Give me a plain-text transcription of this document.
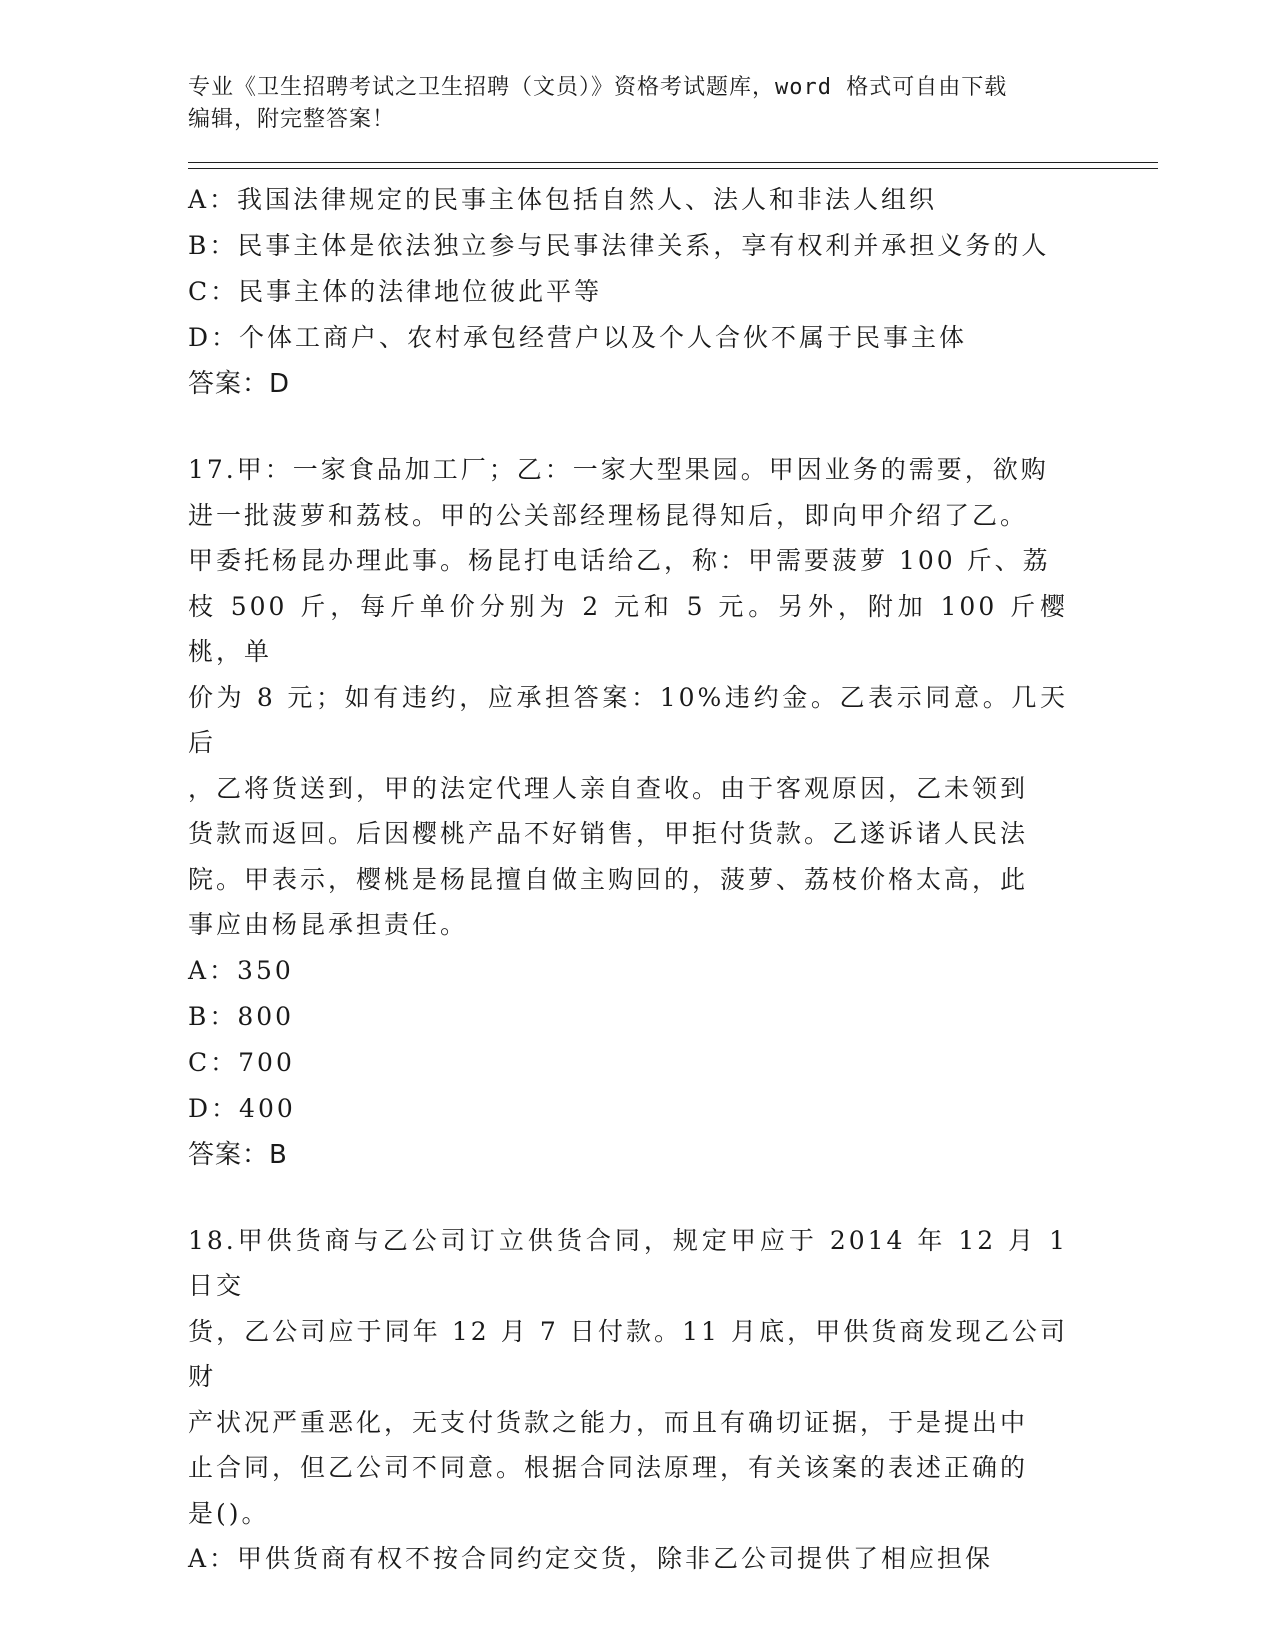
专业《卫生招聘考试之卫生招聘（文员）》资格考试题库，word 格式可自由下载
编辑，附完整答案！
A：我国法律规定的民事主体包括自然人、法人和非法人组织
B：民事主体是依法独立参与民事法律关系，享有权利并承担义务的人
C：民事主体的法律地位彼此平等
D：个体工商户、农村承包经营户以及个人合伙不属于民事主体
答案：D
17.甲：一家食品加工厂；乙：一家大型果园。甲因业务的需要，欲购
进一批菠萝和荔枝。甲的公关部经理杨昆得知后，即向甲介绍了乙。
甲委托杨昆办理此事。杨昆打电话给乙，称：甲需要菠萝 100 斤、荔
枝 500 斤，每斤单价分别为 2 元和 5 元。另外，附加 100 斤樱桃，单
价为 8 元；如有违约，应承担答案：10%违约金。乙表示同意。几天后
，乙将货送到，甲的法定代理人亲自查收。由于客观原因，乙未领到
货款而返回。后因樱桃产品不好销售，甲拒付货款。乙遂诉诸人民法
院。甲表示，樱桃是杨昆擅自做主购回的，菠萝、荔枝价格太高，此
事应由杨昆承担责任。
A：350
B：800
C：700
D：400
答案：B
18.甲供货商与乙公司订立供货合同，规定甲应于 2014 年 12 月 1 日交
货，乙公司应于同年 12 月 7 日付款。11 月底，甲供货商发现乙公司财
产状况严重恶化，无支付货款之能力，而且有确切证据，于是提出中
止合同，但乙公司不同意。根据合同法原理，有关该案的表述正确的
是()。
A：甲供货商有权不按合同约定交货，除非乙公司提供了相应担保
